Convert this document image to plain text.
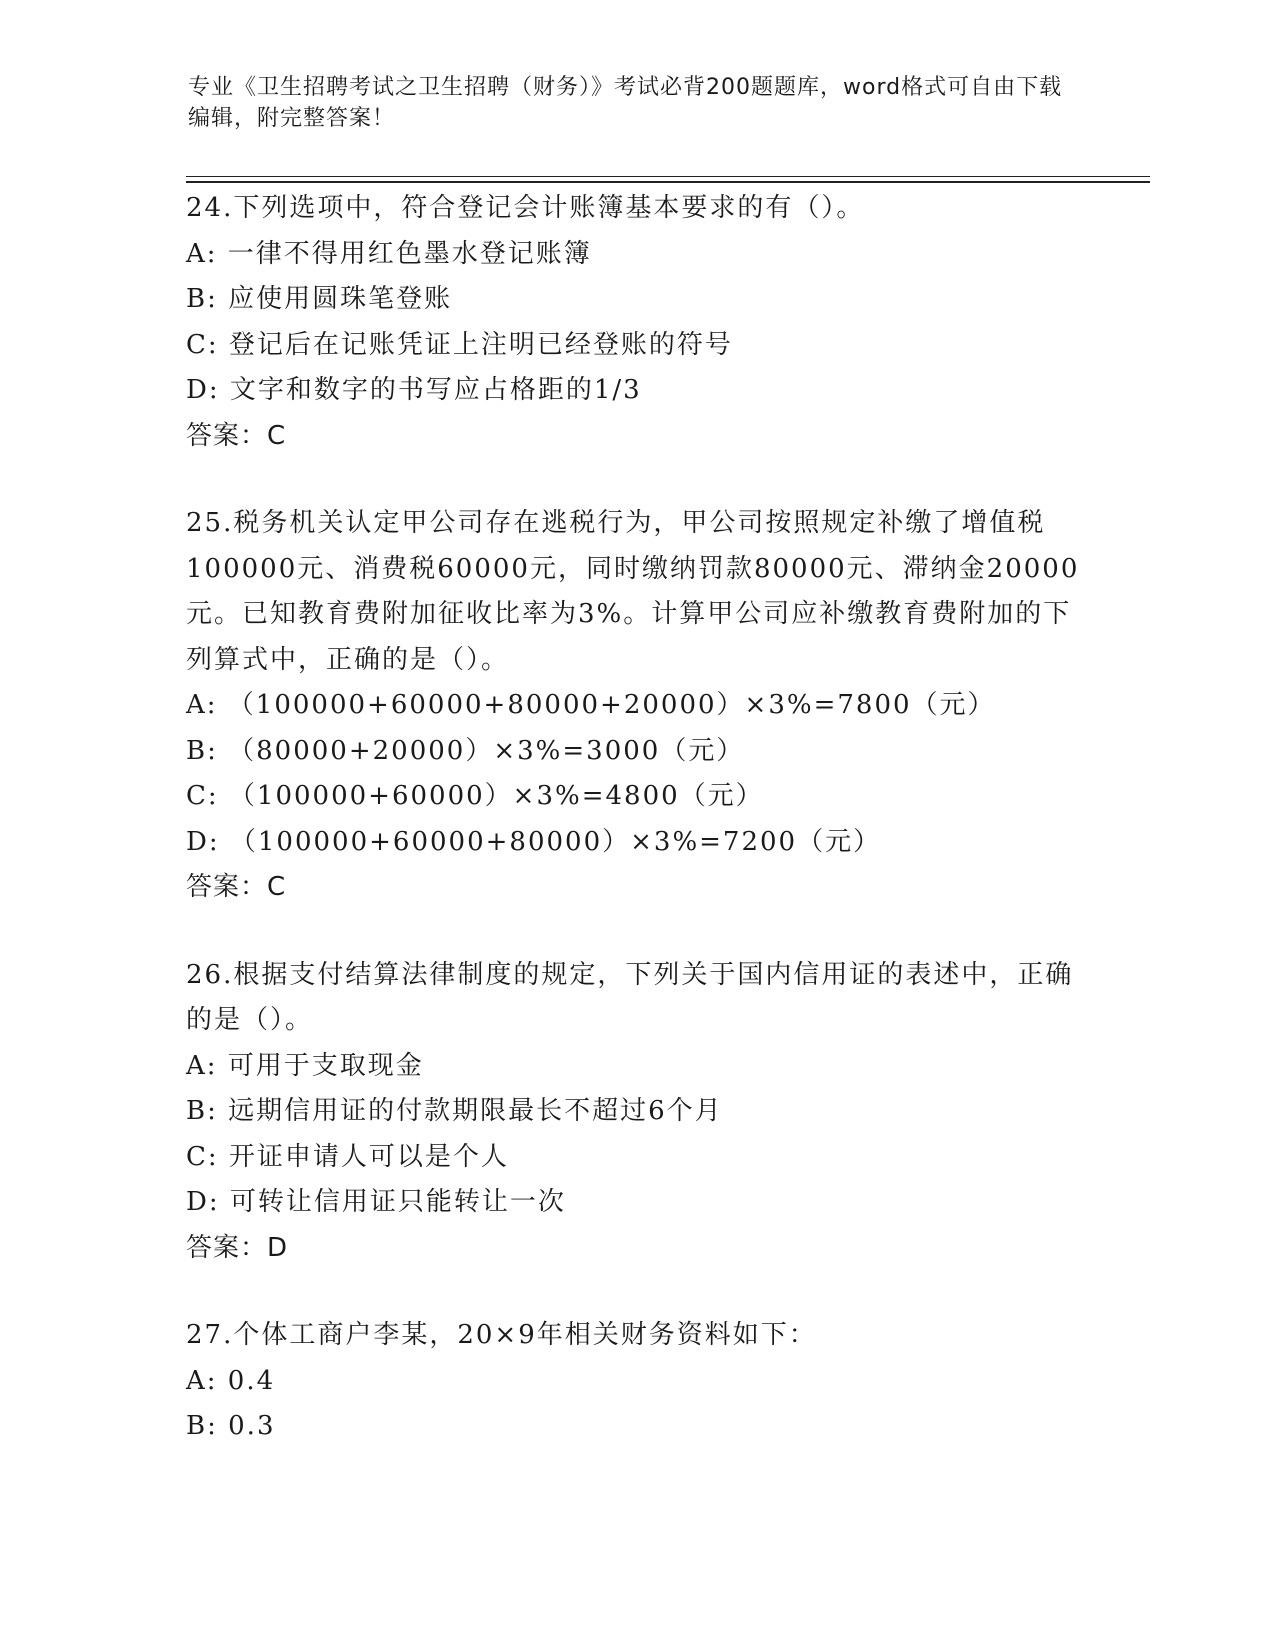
专业《卫生招聘考试之卫生招聘（财务）》考试必背200题题库，word格式可自由下载编辑，附完整答案！

24.下列选项中，符合登记会计账簿基本要求的有（）。

A: 一律不得用红色墨水登记账簿

B: 应使用圆珠笔登账

C: 登记后在记账凭证上注明已经登账的符号

D: 文字和数字的书写应占格距的1/3

答案：C

25.税务机关认定甲公司存在逃税行为，甲公司按照规定补缴了增值税100000元、消费税60000元，同时缴纳罚款80000元、滞纳金20000元。已知教育费附加征收比率为3%。计算甲公司应补缴教育费附加的下列算式中，正确的是（）。

A: （100000+60000+80000+20000）×3%=7800（元）

B: （80000+20000）×3%=3000（元）

C: （100000+60000）×3%=4800（元）

D: （100000+60000+80000）×3%=7200（元）

答案：C

26.根据支付结算法律制度的规定，下列关于国内信用证的表述中，正确的是（）。

A: 可用于支取现金

B: 远期信用证的付款期限最长不超过6个月

C: 开证申请人可以是个人

D: 可转让信用证只能转让一次

答案：D

27.个体工商户李某，20×9年相关财务资料如下：

A: 0.4

B: 0.3
